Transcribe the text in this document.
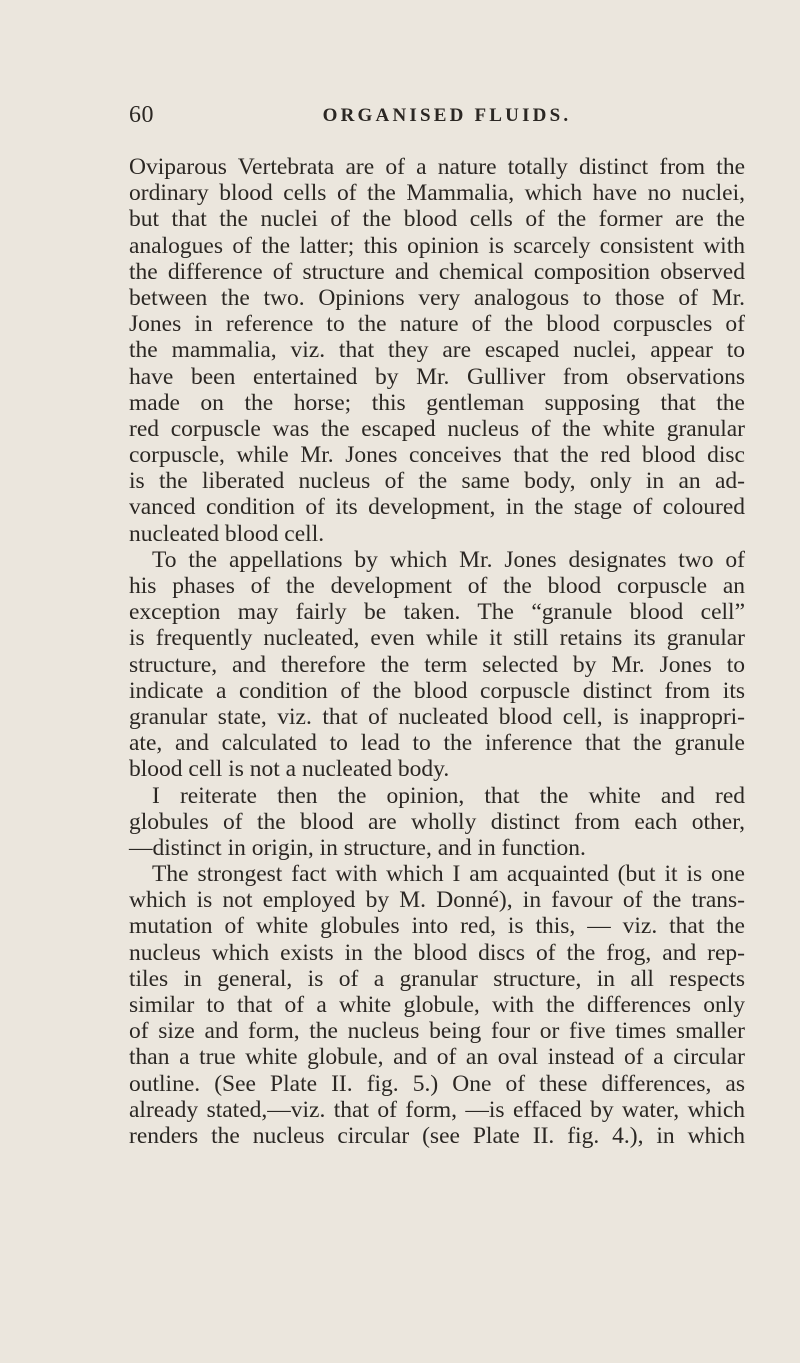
60	ORGANISED FLUIDS.
Oviparous Vertebrata are of a nature totally distinct from the
ordinary blood cells of the Mammalia, which have no nuclei,
but that the nuclei of the blood cells of the former are the
analogues of the latter; this opinion is scarcely consistent with
the difference of structure and chemical composition observed
between the two. Opinions very analogous to those of Mr.
Jones in reference to the nature of the blood corpuscles of
the mammalia, viz. that they are escaped nuclei, appear to
have been entertained by Mr. Gulliver from observations
made on the horse; this gentleman supposing that the
red corpuscle was the escaped nucleus of the white granular
corpuscle, while Mr. Jones conceives that the red blood disc
is the liberated nucleus of the same body, only in an ad-
vanced condition of its development, in the stage of coloured
nucleated blood cell.
To the appellations by which Mr. Jones designates two of
his phases of the development of the blood corpuscle an
exception may fairly be taken. The “granule blood cell”
is frequently nucleated, even while it still retains its granular
structure, and therefore the term selected by Mr. Jones to
indicate a condition of the blood corpuscle distinct from its
granular state, viz. that of nucleated blood cell, is inappropri-
ate, and calculated to lead to the inference that the granule
blood cell is not a nucleated body.
I reiterate then the opinion, that the white and red
globules of the blood are wholly distinct from each other,
—distinct in origin, in structure, and in function.
The strongest fact with which I am acquainted (but it is one
which is not employed by M. Donné), in favour of the trans-
mutation of white globules into red, is this, — viz. that the
nucleus which exists in the blood discs of the frog, and rep-
tiles in general, is of a granular structure, in all respects
similar to that of a white globule, with the differences only
of size and form, the nucleus being four or five times smaller
than a true white globule, and of an oval instead of a circular
outline. (See Plate II. fig. 5.) One of these differences, as
already stated,—viz. that of form, —is effaced by water, which
renders the nucleus circular (see Plate II. fig. 4.), in which
